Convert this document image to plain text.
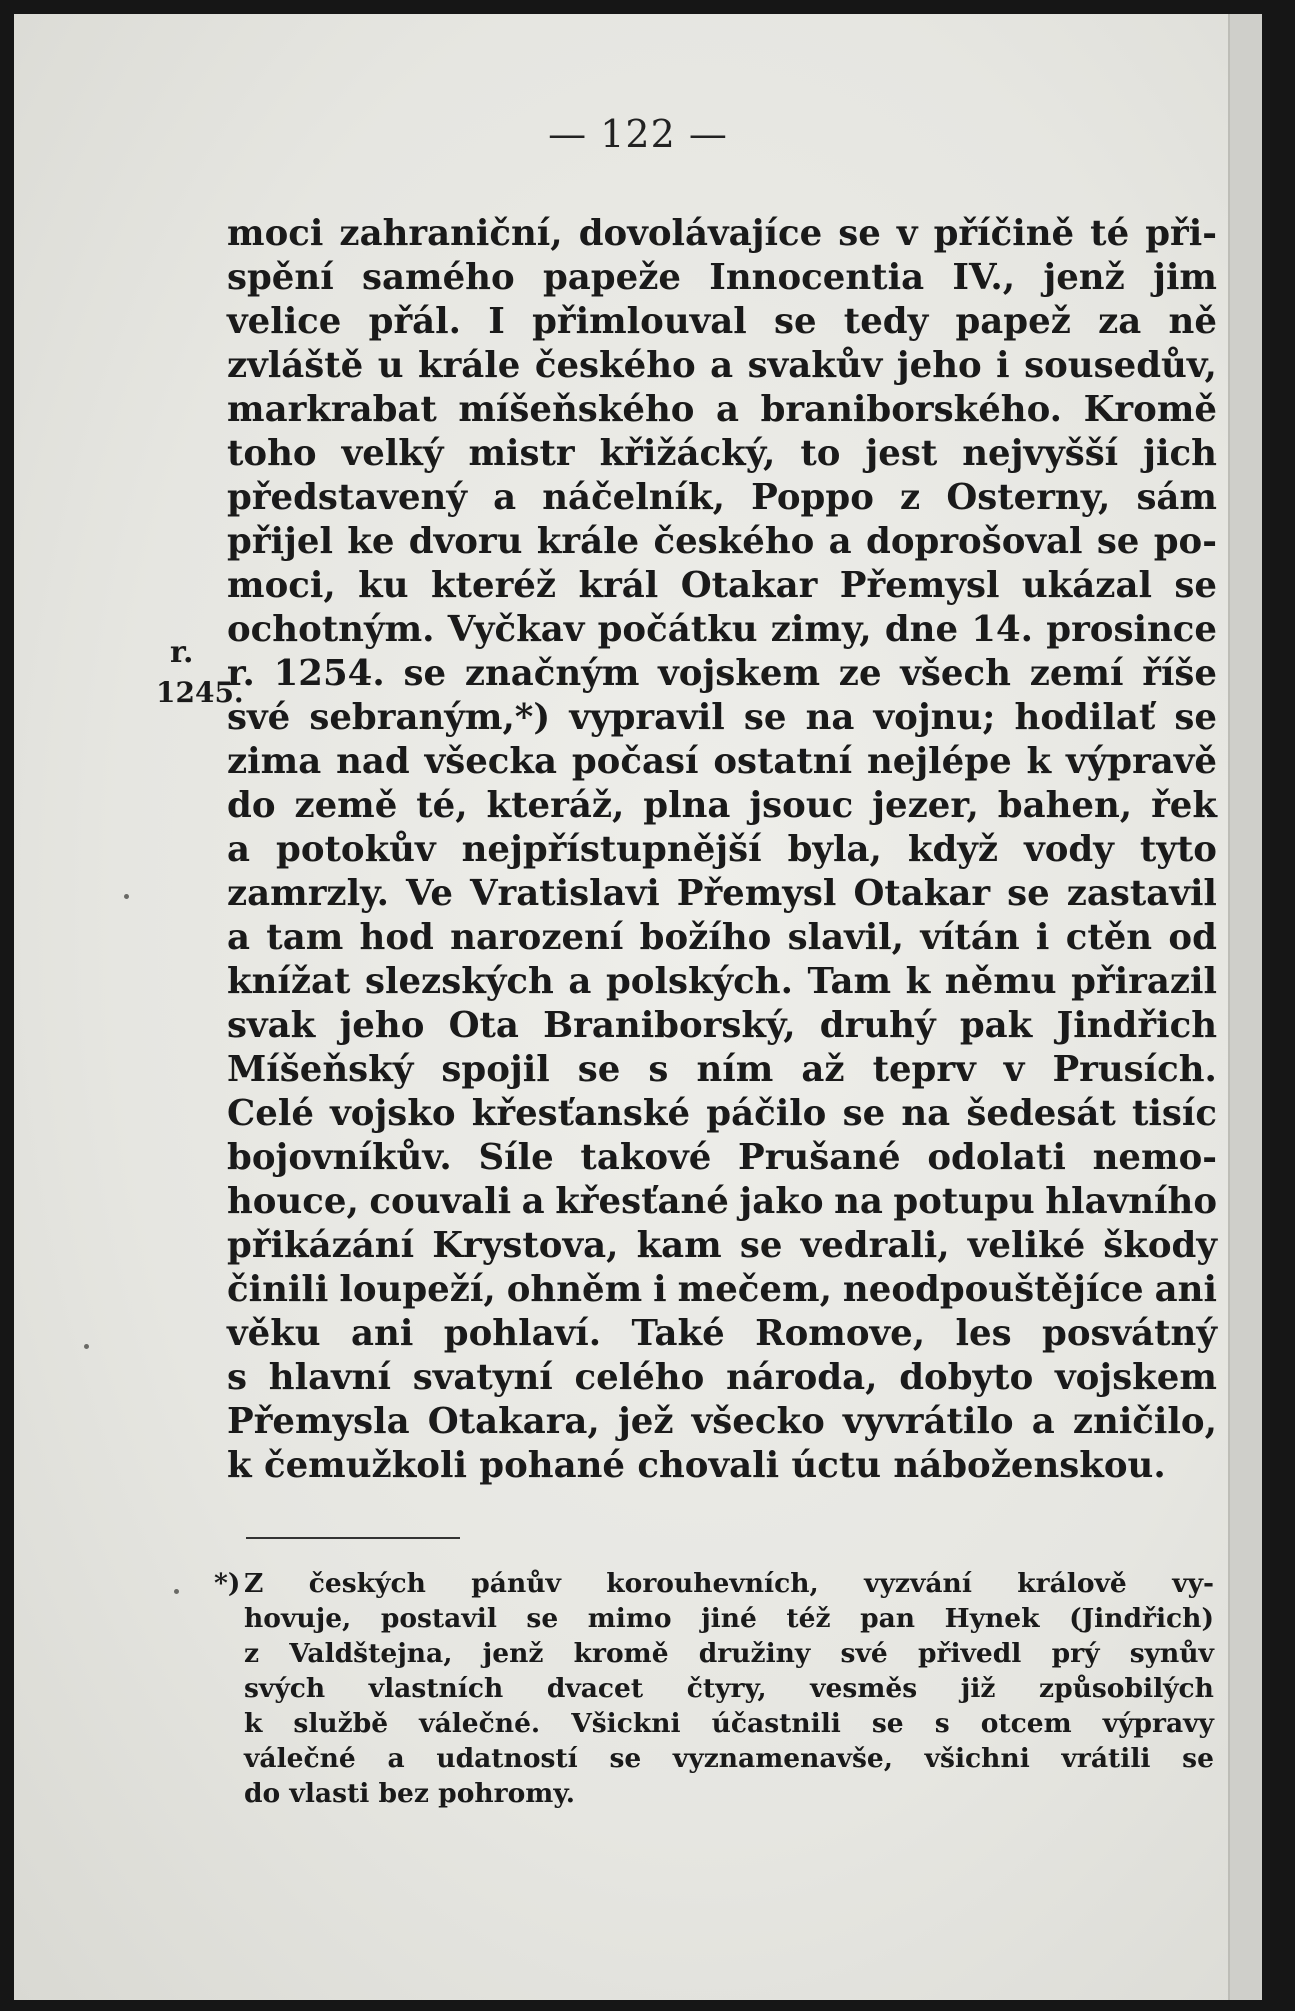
— 122 —
r.
1245.
moci zahraniční, dovolávajíce se v příčině té při-
spění samého papeže Innocentia IV., jenž jim
velice přál. I přimlouval se tedy papež za ně
zvláště u krále českého a svakův jeho i sousedův,
markrabat míšeňského a braniborského. Kromě
toho velký mistr křižácký, to jest nejvyšší jich
představený a náčelník, Poppo z Osterny, sám
přijel ke dvoru krále českého a doprošoval se po-
moci, ku kteréž král Otakar Přemysl ukázal se
ochotným. Vyčkav počátku zimy, dne 14. prosince
r. 1254. se značným vojskem ze všech zemí říše
své sebraným,*) vypravil se na vojnu; hodilať se
zima nad všecka počasí ostatní nejlépe k výpravě
do země té, kteráž, plna jsouc jezer, bahen, řek
a potokův nejpřístupnější byla, když vody tyto
zamrzly. Ve Vratislavi Přemysl Otakar se zastavil
a tam hod narození božího slavil, vítán i ctěn od
knížat slezských a polských. Tam k němu přirazil
svak jeho Ota Braniborský, druhý pak Jindřich
Míšeňský spojil se s ním až teprv v Prusích.
Celé vojsko křesťanské páčilo se na šedesát tisíc
bojovníkův. Síle takové Prušané odolati nemo-
houce, couvali a křesťané jako na potupu hlavního
přikázání Krystova, kam se vedrali, veliké škody
činili loupeží, ohněm i mečem, neodpouštějíce ani
věku ani pohlaví. Také Romove, les posvátný
s hlavní svatyní celého národa, dobyto vojskem
Přemysla Otakara, jež všecko vyvrátilo a zničilo,
k čemužkoli pohané chovali úctu náboženskou.
*) Z českých pánův korouhevních, vyzvání králově vy-
hovuje, postavil se mimo jiné též pan Hynek (Jindřich)
z Valdštejna, jenž kromě družiny své přivedl prý synův
svých vlastních dvacet čtyry, vesměs již způsobilých
k službě válečné. Všickni účastnili se s otcem výpravy
válečné a udatností se vyznamenavše, všichni vrátili se
do vlasti bez pohromy.
